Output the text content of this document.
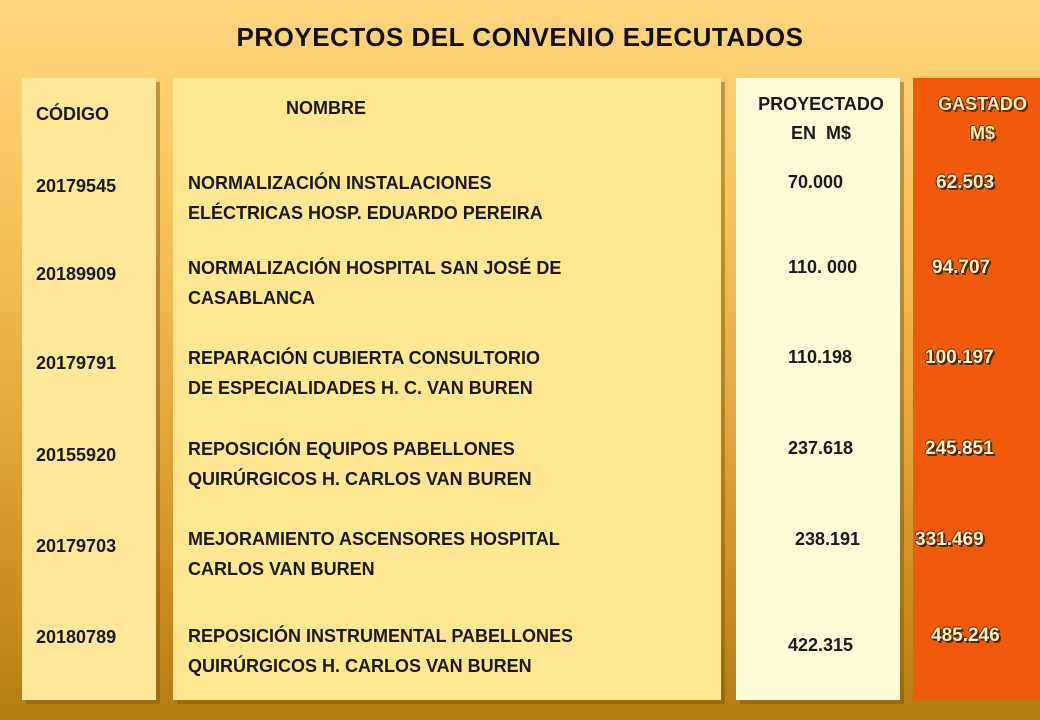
PROYECTOS DEL CONVENIO EJECUTADOS
CÓDIGO	NOMBRE	PROYECTADO
EN  M$
GASTADO
M$
20179545	NORMALIZACIÓN INSTALACIONES
ELÉCTRICAS HOSP. EDUARDO PEREIRA
70.000	62.503
20189909	NORMALIZACIÓN HOSPITAL SAN JOSÉ DE
CASABLANCA
110. 000	94.707
20179791	REPARACIÓN CUBIERTA CONSULTORIO
DE ESPECIALIDADES H. C. VAN BUREN
110.198	100.197
20155920	REPOSICIÓN EQUIPOS PABELLONES
QUIRÚRGICOS H. CARLOS VAN BUREN
237.618	245.851
20179703	MEJORAMIENTO ASCENSORES HOSPITAL
CARLOS VAN BUREN
238.191	331.469
20180789	REPOSICIÓN INSTRUMENTAL PABELLONES
QUIRÚRGICOS H. CARLOS VAN BUREN
422.315	485.246
